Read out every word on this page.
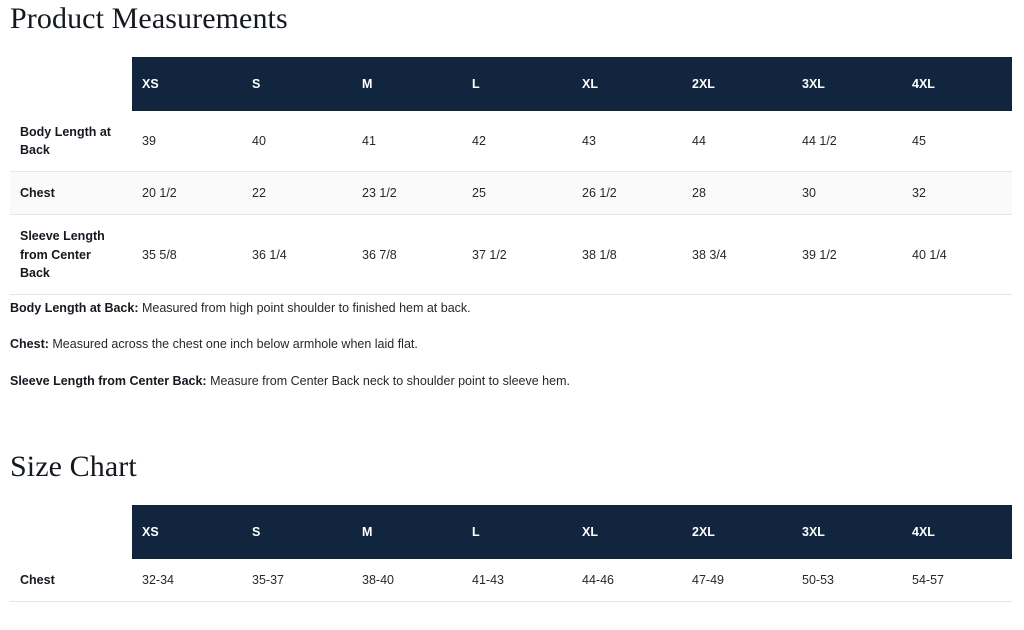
Product Measurements
	XS	S	M	L	XL	2XL	3XL	4XL
Body Length at Back	39	40	41	42	43	44	44 1/2	45
Chest	20 1/2	22	23 1/2	25	26 1/2	28	30	32
Sleeve Length from Center Back	35 5/8	36 1/4	36 7/8	37 1/2	38 1/8	38 3/4	39 1/2	40 1/4

Body Length at Back: Measured from high point shoulder to finished hem at back.

Chest: Measured across the chest one inch below armhole when laid flat.

Sleeve Length from Center Back: Measure from Center Back neck to shoulder point to sleeve hem.

Size Chart
	XS	S	M	L	XL	2XL	3XL	4XL
Chest	32-34	35-37	38-40	41-43	44-46	47-49	50-53	54-57
